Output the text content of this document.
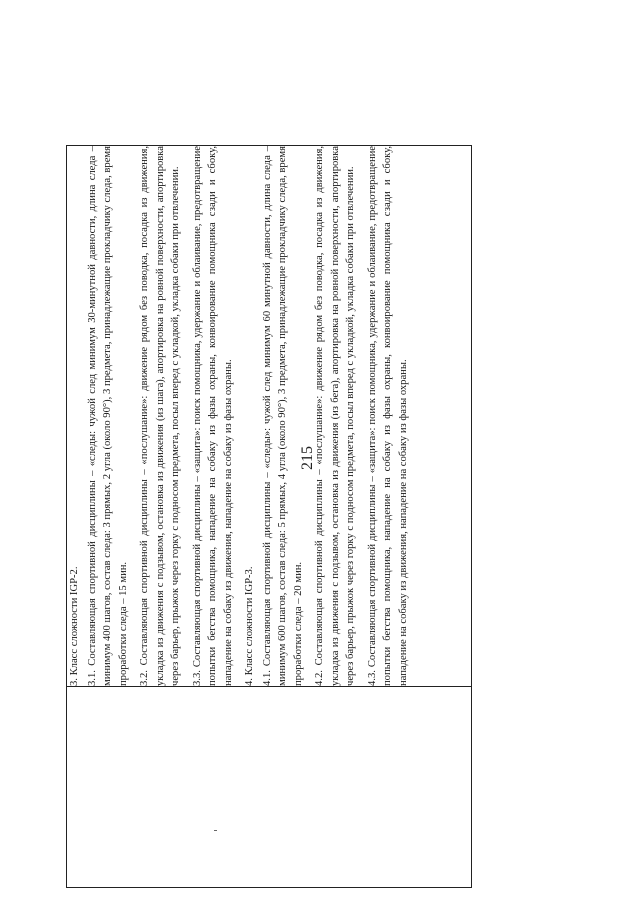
215

3. Класс сложности IGP-2. 3.1. Составляющая спортивной дисциплины – «следы: чужой след минимум 30-минутной давности, длина следа – минимум 400 шагов, состав следа: 3 прямых, 2 угла (около 90°), 3 предмета, принадлежащие прокладчику следа, время проработки следа – 15 мин. 3.2. Составляющая спортивной дисциплины – «послушание»: движение рядом без поводка, посадка из движения, укладка из движения с подзывом, остановка из движения (из шага), апортировка на ровной поверхности, апортировка через барьер, прыжок через горку с подносом предмета, посыл вперед с укладкой, укладка собаки при отвлечении. 3.3. Составляющая спортивной дисциплины – «защита»: поиск помощника, удержание и облаивание, предотвращение попытки бегства помощника, нападение на собаку из фазы охраны, конвоирование помощника сзади и сбоку, нападение на собаку из движения, нападение на собаку из фазы охраны. 4. Класс сложности IGP-3. 4.1. Составляющая спортивной дисциплины – «следы»: чужой след минимум 60 минутной давности, длина следа – минимум 600 шагов, состав следа: 5 прямых, 4 угла (около 90°), 3 предмета, принадлежащие прокладчику следа, время проработки следа – 20 мин. 4.2. Составляющая спортивной дисциплины – «послушание»: движение рядом без поводка, посадка из движения, укладка из движения с подзывом, остановка из движения (из бега), апортировка на ровной поверхности, апортировка через барьер, прыжок через горку с подносом предмета, посыл вперед с укладкой, укладка собаки при отвлечении. 4.3. Составляющая спортивной дисциплины – «защита»: поиск помощника, удержание и облаивание, предотвращение попытки бегства помощника, нападение на собаку из фазы охраны, конвоирование помощника сзади и сбоку, нападение на собаку из движения, нападение на собаку из фазы охраны.
